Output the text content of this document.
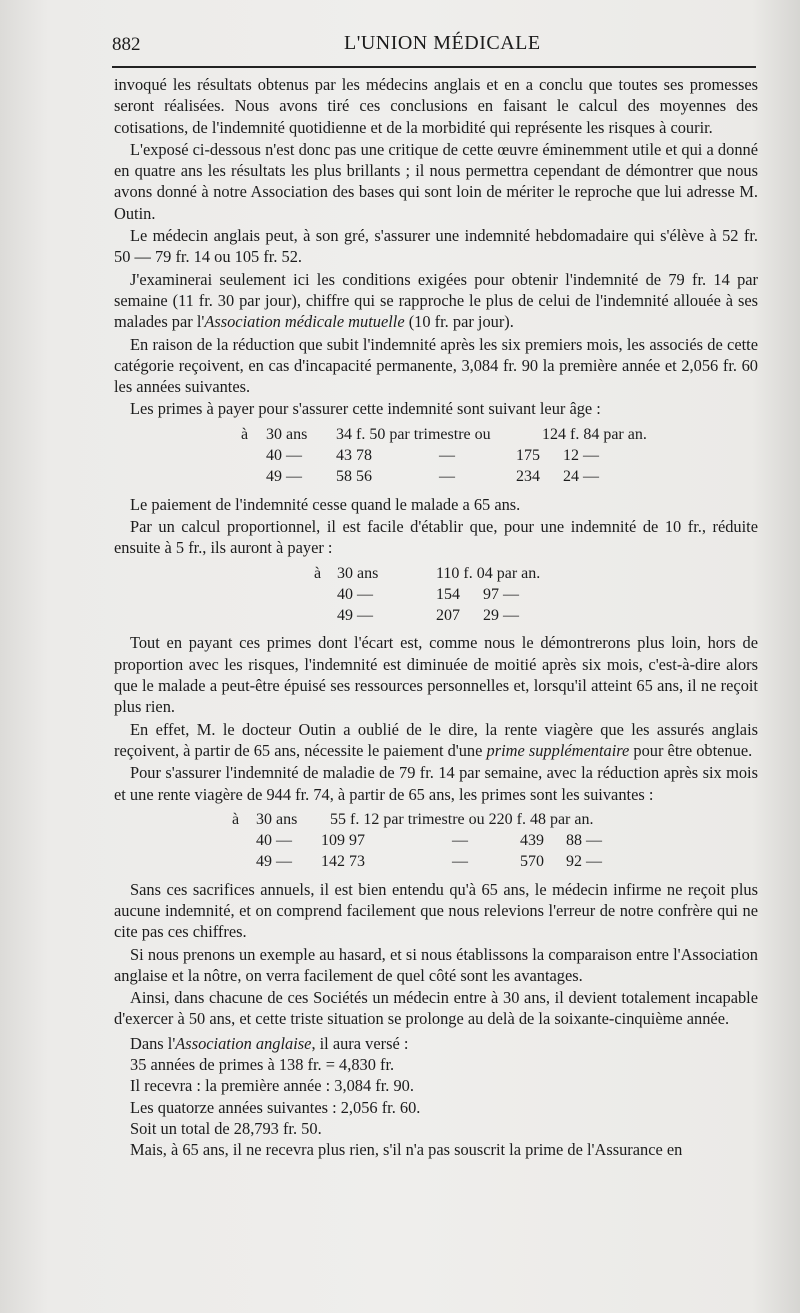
882	L'UNION MÉDICALE

invoqué les résultats obtenus par les médecins anglais et en a conclu que toutes ses promesses seront réalisées. Nous avons tiré ces conclusions en faisant le calcul des moyennes des cotisations, de l'indemnité quotidienne et de la morbidité qui représente les risques à courir.

L'exposé ci-dessous n'est donc pas une critique de cette œuvre éminemment utile et qui a donné en quatre ans les résultats les plus brillants ; il nous permettra cependant de démontrer que nous avons donné à notre Association des bases qui sont loin de mériter le reproche que lui adresse M. Outin.

Le médecin anglais peut, à son gré, s'assurer une indemnité hebdomadaire qui s'élève à 52 fr. 50 — 79 fr. 14 ou 105 fr. 52.

J'examinerai seulement ici les conditions exigées pour obtenir l'indemnité de 79 fr. 14 par semaine (11 fr. 30 par jour), chiffre qui se rapproche le plus de celui de l'indemnité allouée à ses malades par l'Association médicale mutuelle (10 fr. par jour).

En raison de la réduction que subit l'indemnité après les six premiers mois, les associés de cette catégorie reçoivent, en cas d'incapacité permanente, 3,084 fr. 90 la première année et 2,056 fr. 60 les années suivantes.

Les primes à payer pour s'assurer cette indemnité sont suivant leur âge :

à 30 ans 34 f. 50 par trimestre ou	124 f. 84 par an.
40 — 43 78	—	175 12 —
49 — 58 56	—	234 24 —

Le paiement de l'indemnité cesse quand le malade a 65 ans.

Par un calcul proportionnel, il est facile d'établir que, pour une indemnité de 10 fr., réduite ensuite à 5 fr., ils auront à payer :

à 30 ans	110 f. 04 par an.
40 —	154 97 —
49 —	207 29 —

Tout en payant ces primes dont l'écart est, comme nous le démontrerons plus loin, hors de proportion avec les risques, l'indemnité est diminuée de moitié après six mois, c'est-à-dire alors que le malade a peut-être épuisé ses ressources personnelles et, lorsqu'il atteint 65 ans, il ne reçoit plus rien.

En effet, M. le docteur Outin a oublié de le dire, la rente viagère que les assurés anglais reçoivent, à partir de 65 ans, nécessite le paiement d'une prime supplémentaire pour être obtenue.

Pour s'assurer l'indemnité de maladie de 79 fr. 14 par semaine, avec la réduction après six mois et une rente viagère de 944 fr. 74, à partir de 65 ans, les primes sont les suivantes :

à 30 ans 55 f. 12 par trimestre ou 220 f. 48 par an.
40 — 109 97	—	439 88 —
49 — 142 73	—	570 92 —

Sans ces sacrifices annuels, il est bien entendu qu'à 65 ans, le médecin infirme ne reçoit plus aucune indemnité, et on comprend facilement que nous relevions l'erreur de notre confrère qui ne cite pas ces chiffres.

Si nous prenons un exemple au hasard, et si nous établissons la comparaison entre l'Association anglaise et la nôtre, on verra facilement de quel côté sont les avantages.

Ainsi, dans chacune de ces Sociétés un médecin entre à 30 ans, il devient totalement incapable d'exercer à 50 ans, et cette triste situation se prolonge au delà de la soixante-cinquième année.

Dans l'Association anglaise, il aura versé :

35 années de primes à 138 fr. = 4,830 fr.

Il recevra : la première année : 3,084 fr. 90.

Les quatorze années suivantes : 2,056 fr. 60.

Soit un total de 28,793 fr. 50.

Mais, à 65 ans, il ne recevra plus rien, s'il n'a pas souscrit la prime de l'Assurance en
